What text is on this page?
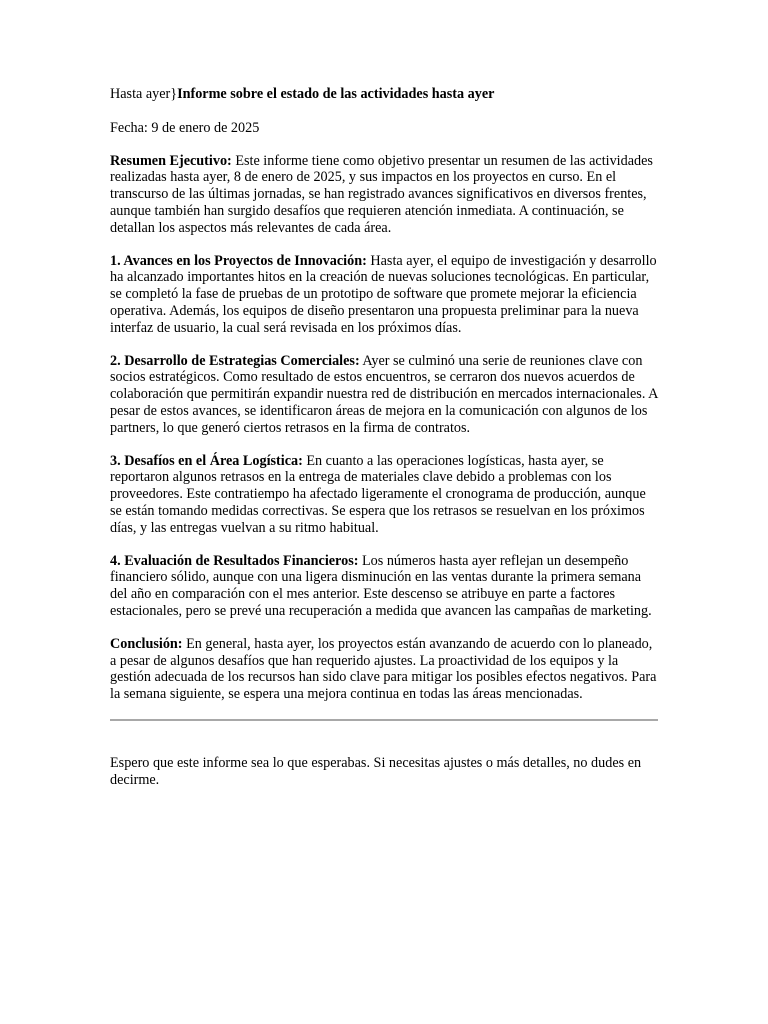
Hasta ayer}Informe sobre el estado de las actividades hasta ayer

Fecha: 9 de enero de 2025

Resumen Ejecutivo: Este informe tiene como objetivo presentar un resumen de las actividades realizadas hasta ayer, 8 de enero de 2025, y sus impactos en los proyectos en curso. En el transcurso de las últimas jornadas, se han registrado avances significativos en diversos frentes, aunque también han surgido desafíos que requieren atención inmediata. A continuación, se detallan los aspectos más relevantes de cada área.

1. Avances en los Proyectos de Innovación: Hasta ayer, el equipo de investigación y desarrollo ha alcanzado importantes hitos en la creación de nuevas soluciones tecnológicas. En particular, se completó la fase de pruebas de un prototipo de software que promete mejorar la eficiencia operativa. Además, los equipos de diseño presentaron una propuesta preliminar para la nueva interfaz de usuario, la cual será revisada en los próximos días.

2. Desarrollo de Estrategias Comerciales: Ayer se culminó una serie de reuniones clave con socios estratégicos. Como resultado de estos encuentros, se cerraron dos nuevos acuerdos de colaboración que permitirán expandir nuestra red de distribución en mercados internacionales. A pesar de estos avances, se identificaron áreas de mejora en la comunicación con algunos de los partners, lo que generó ciertos retrasos en la firma de contratos.

3. Desafíos en el Área Logística: En cuanto a las operaciones logísticas, hasta ayer, se reportaron algunos retrasos en la entrega de materiales clave debido a problemas con los proveedores. Este contratiempo ha afectado ligeramente el cronograma de producción, aunque se están tomando medidas correctivas. Se espera que los retrasos se resuelvan en los próximos días, y las entregas vuelvan a su ritmo habitual.

4. Evaluación de Resultados Financieros: Los números hasta ayer reflejan un desempeño financiero sólido, aunque con una ligera disminución en las ventas durante la primera semana del año en comparación con el mes anterior. Este descenso se atribuye en parte a factores estacionales, pero se prevé una recuperación a medida que avancen las campañas de marketing.

Conclusión: En general, hasta ayer, los proyectos están avanzando de acuerdo con lo planeado, a pesar de algunos desafíos que han requerido ajustes. La proactividad de los equipos y la gestión adecuada de los recursos han sido clave para mitigar los posibles efectos negativos. Para la semana siguiente, se espera una mejora continua en todas las áreas mencionadas.

Espero que este informe sea lo que esperabas. Si necesitas ajustes o más detalles, no dudes en decirme.
